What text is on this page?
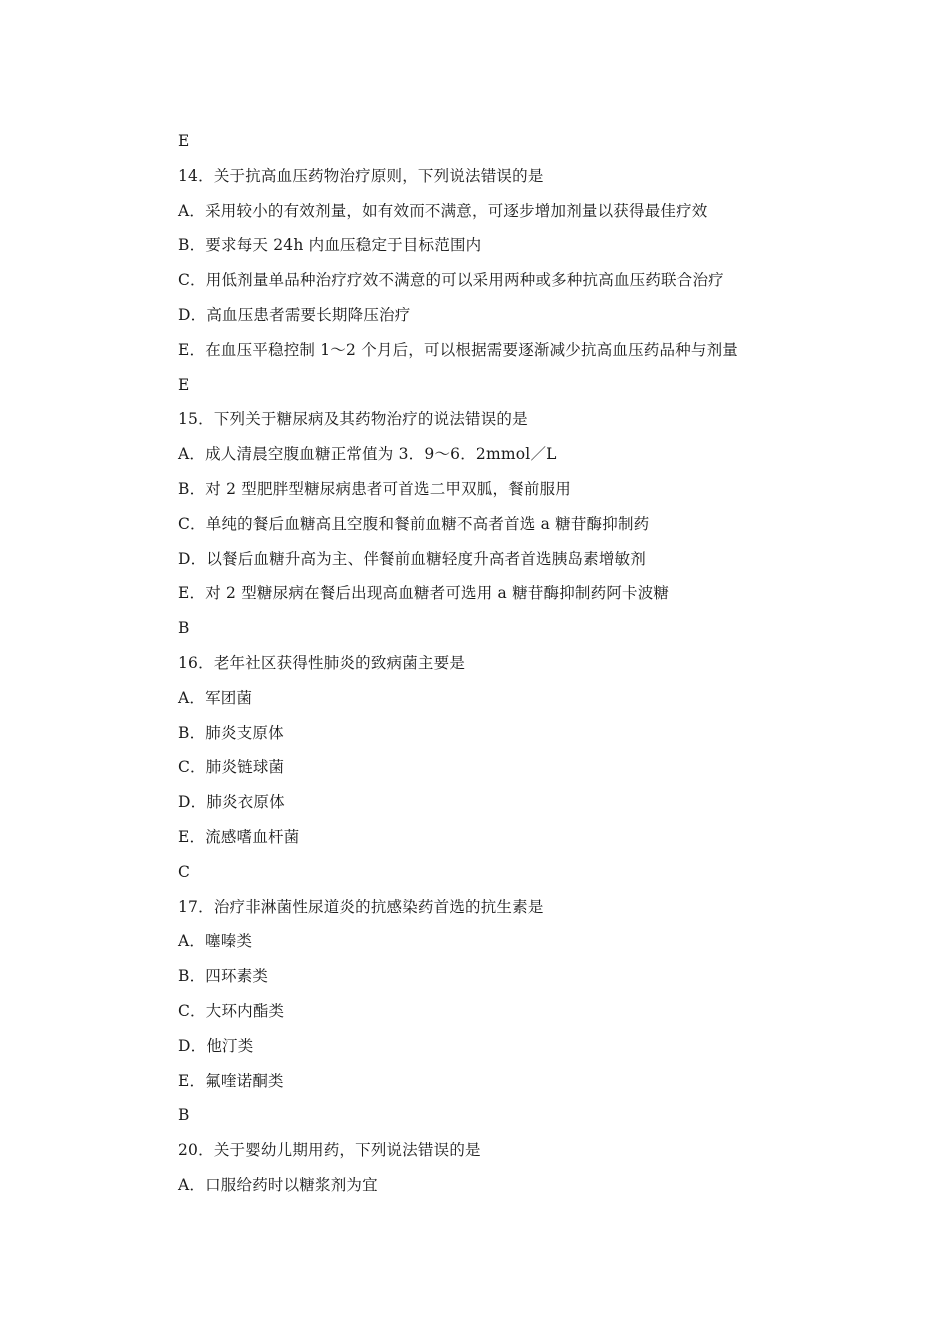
E
14．关于抗高血压药物治疗原则，下列说法错误的是
A．采用较小的有效剂量，如有效而不满意，可逐步增加剂量以获得最佳疗效
B．要求每天 24h 内血压稳定于目标范围内
C．用低剂量单品种治疗疗效不满意的可以采用两种或多种抗高血压药联合治疗
D．高血压患者需要长期降压治疗
E．在血压平稳控制 1～2 个月后，可以根据需要逐渐减少抗高血压药品种与剂量
E
15．下列关于糖尿病及其药物治疗的说法错误的是
A．成人清晨空腹血糖正常值为 3．9～6．2mmol／L
B．对 2 型肥胖型糖尿病患者可首选二甲双胍，餐前服用
C．单纯的餐后血糖高且空腹和餐前血糖不高者首选 a 糖苷酶抑制药
D．以餐后血糖升高为主、伴餐前血糖轻度升高者首选胰岛素增敏剂
E．对 2 型糖尿病在餐后出现高血糖者可选用 a 糖苷酶抑制药阿卡波糖
B
16．老年社区获得性肺炎的致病菌主要是
A．军团菌
B．肺炎支原体
C．肺炎链球菌
D．肺炎衣原体
E．流感嗜血杆菌
C
17．治疗非淋菌性尿道炎的抗感染药首选的抗生素是
A．噻嗪类
B．四环素类
C．大环内酯类
D．他汀类
E．氟喹诺酮类
B
20．关于婴幼儿期用药，下列说法错误的是
A．口服给药时以糖浆剂为宜
